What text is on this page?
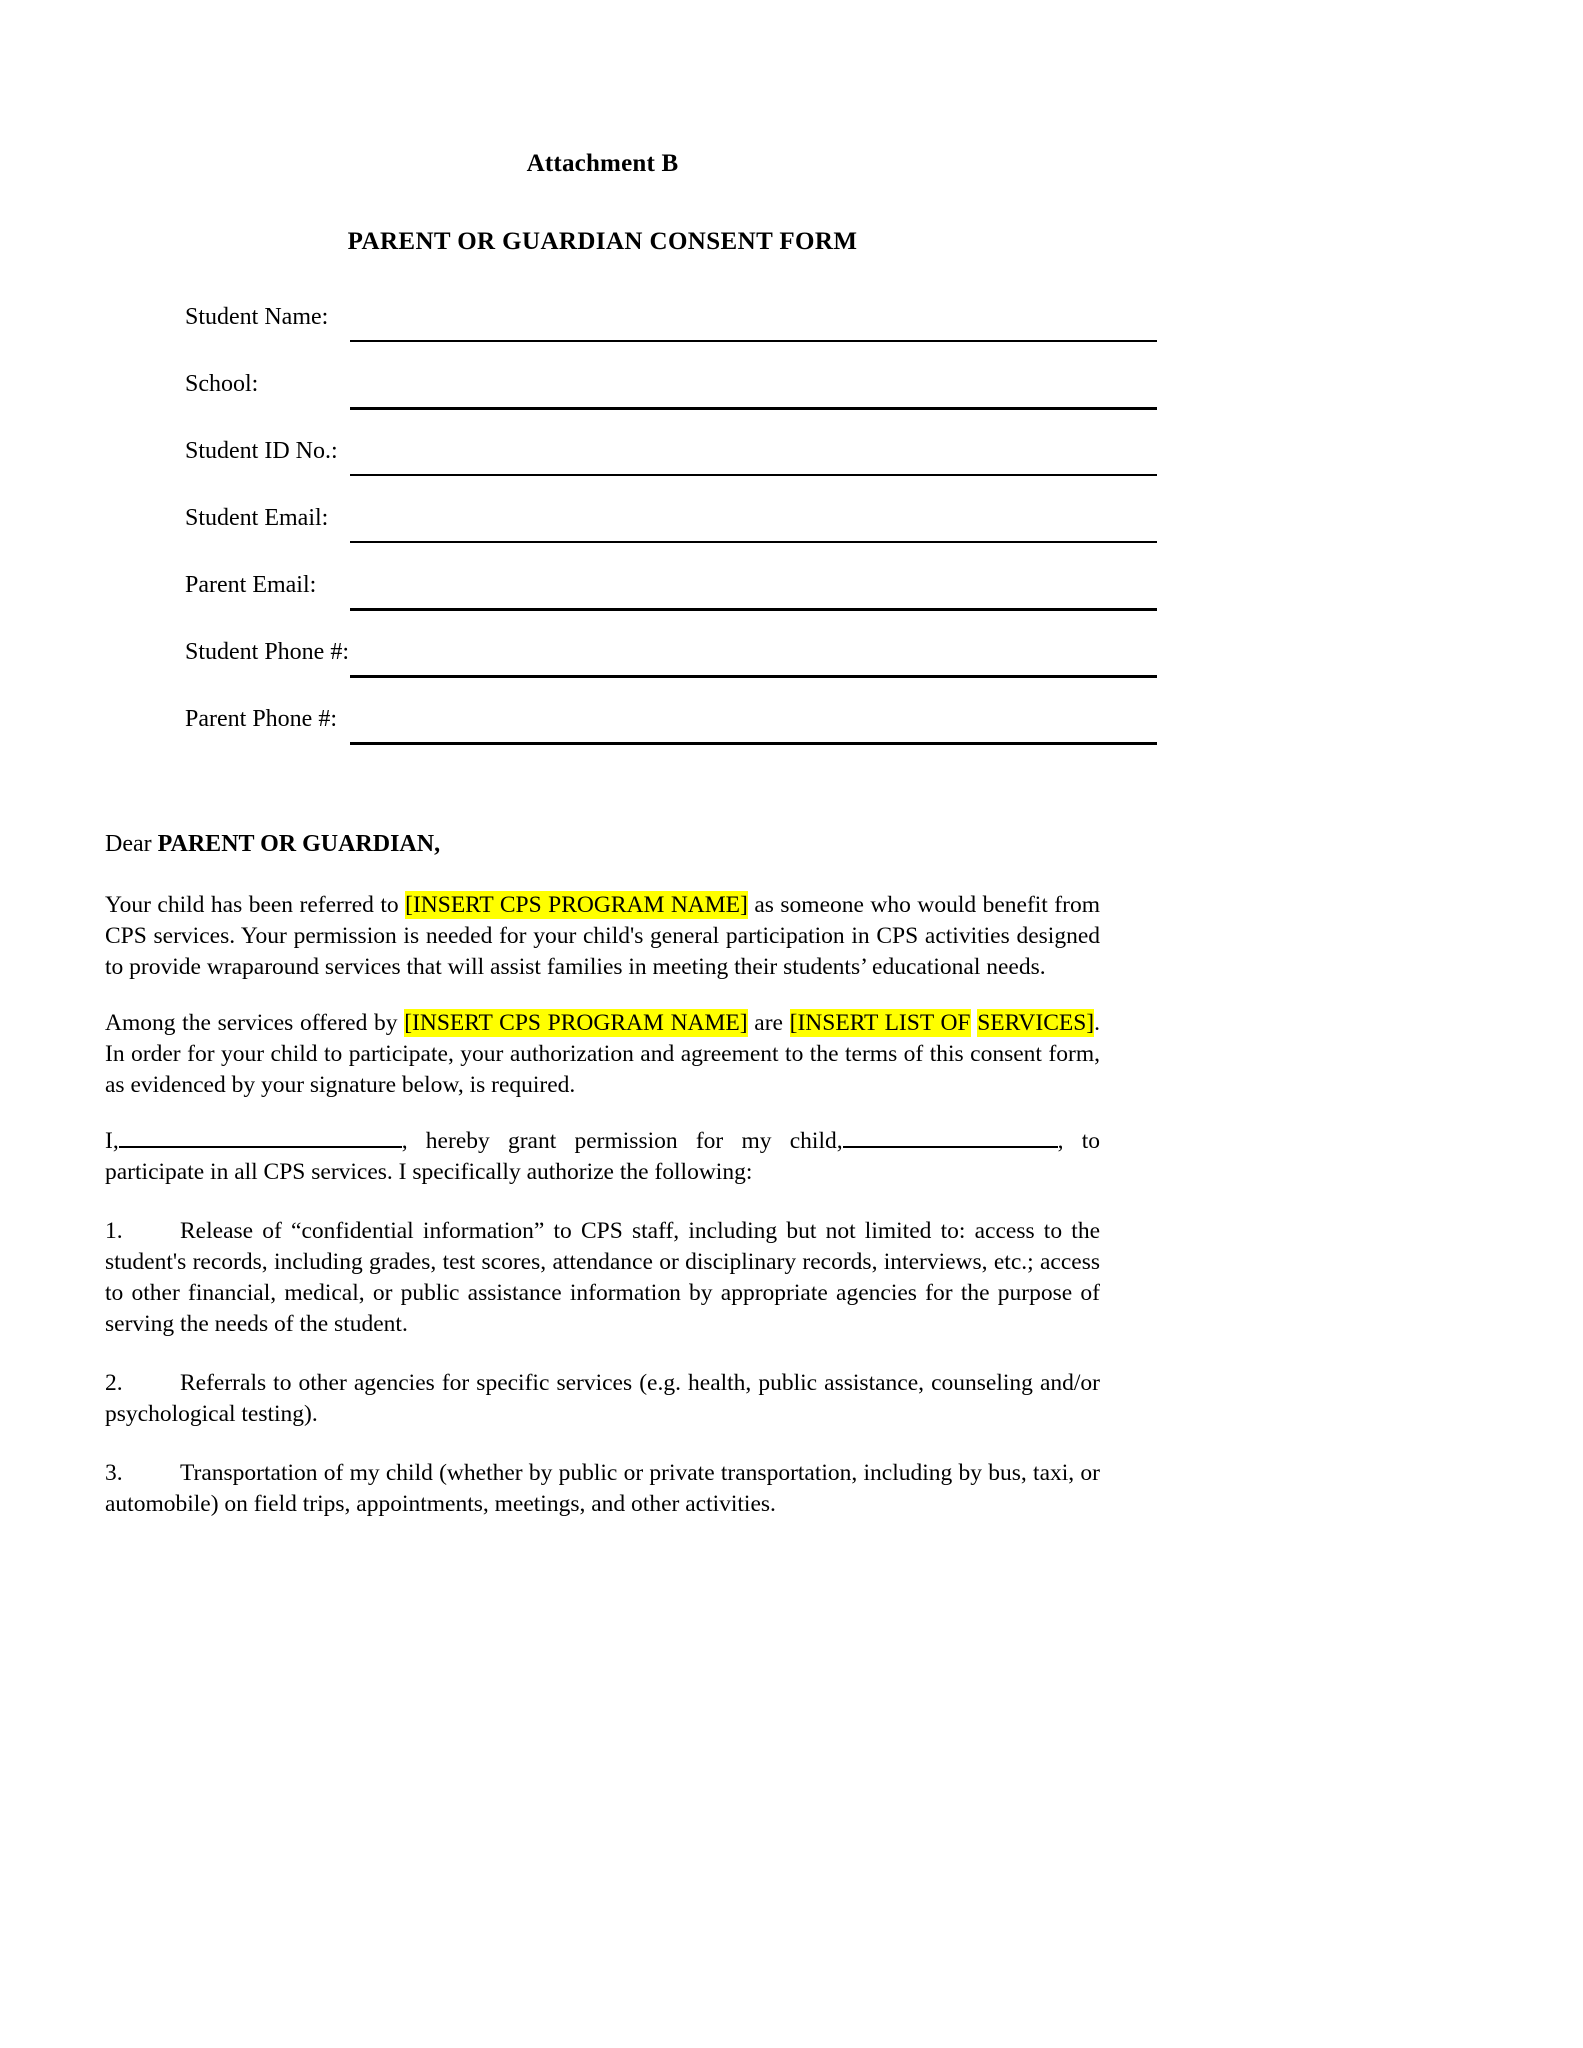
Attachment B
PARENT OR GUARDIAN CONSENT FORM
Student Name:
School:
Student ID No.:
Student Email:
Parent Email:
Student Phone #:
Parent Phone #:
Dear PARENT OR GUARDIAN,

Your child has been referred to [INSERT CPS PROGRAM NAME] as someone who would benefit from CPS services. Your permission is needed for your child's general participation in CPS activities designed to provide wraparound services that will assist families in meeting their students’ educational needs.

Among the services offered by [INSERT CPS PROGRAM NAME] are [INSERT LIST OF SERVICES]. In order for your child to participate, your authorization and agreement to the terms of this consent form, as evidenced by your signature below, is required.

I,	, hereby grant permission for my child,	, to participate in all CPS services. I specifically authorize the following:

1. Release of “confidential information” to CPS staff, including but not limited to: access to the student's records, including grades, test scores, attendance or disciplinary records, interviews, etc.; access to other financial, medical, or public assistance information by appropriate agencies for the purpose of serving the needs of the student.

2. Referrals to other agencies for specific services (e.g. health, public assistance, counseling and/or psychological testing).

3. Transportation of my child (whether by public or private transportation, including by bus, taxi, or automobile) on field trips, appointments, meetings, and other activities.
